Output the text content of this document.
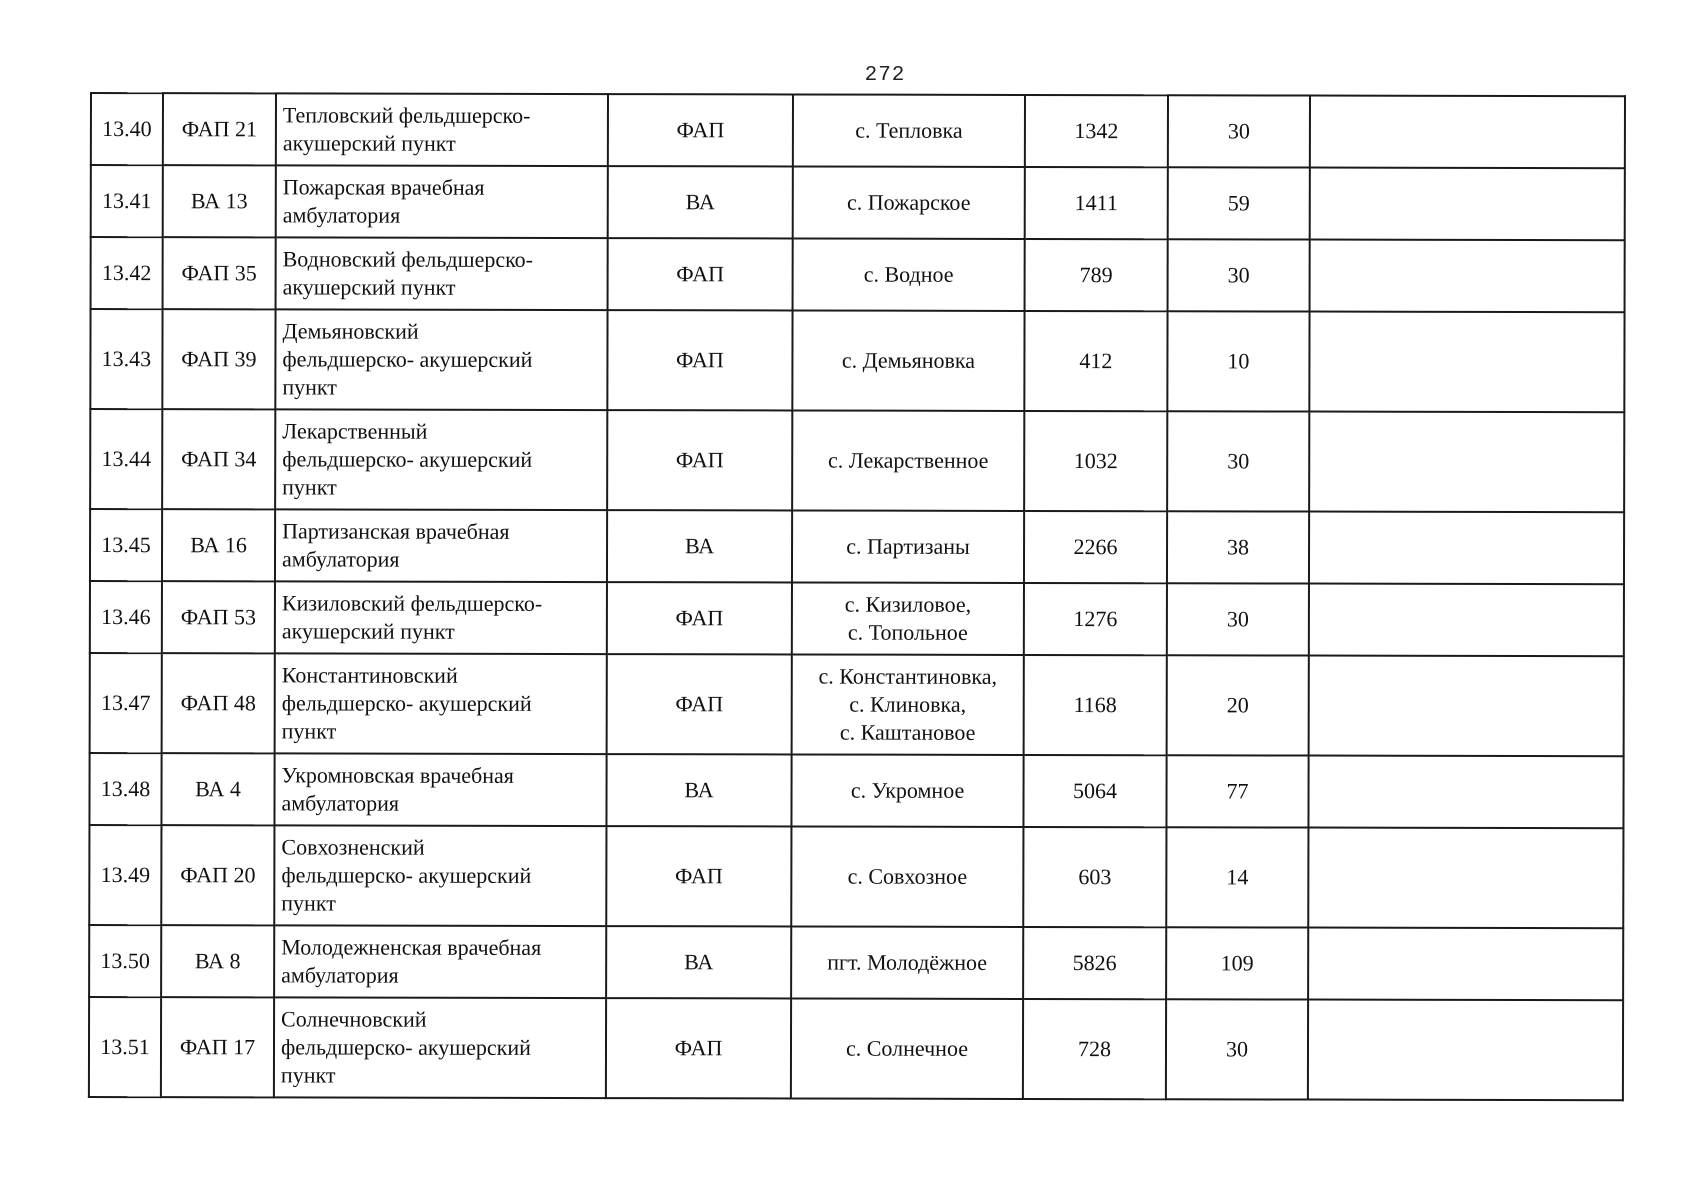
272
13.40	ФАП 21	Тепловский фельдшерско-
акушерский пункт	ФАП	с. Тепловка	1342	30	
13.41	ВА 13	Пожарская врачебная
амбулатория	ВА	с. Пожарское	1411	59	
13.42	ФАП 35	Водновский фельдшерско-
акушерский пункт	ФАП	с. Водное	789	30	
13.43	ФАП 39	Демьяновский
фельдшерско- акушерский
пункт	ФАП	с. Демьяновка	412	10	
13.44	ФАП 34	Лекарственный
фельдшерско- акушерский
пункт	ФАП	с. Лекарственное	1032	30	
13.45	ВА 16	Партизанская врачебная
амбулатория	ВА	с. Партизаны	2266	38	
13.46	ФАП 53	Кизиловский фельдшерско-
акушерский пункт	ФАП	с. Кизиловое,
с. Топольное	1276	30	
13.47	ФАП 48	Константиновский
фельдшерско- акушерский
пункт	ФАП	с. Константиновка,
с. Клиновка,
с. Каштановое	1168	20	
13.48	ВА 4	Укромновская врачебная
амбулатория	ВА	с. Укромное	5064	77	
13.49	ФАП 20	Совхозненский
фельдшерско- акушерский
пункт	ФАП	с. Совхозное	603	14	
13.50	ВА 8	Молодежненская врачебная
амбулатория	ВА	пгт. Молодёжное	5826	109	
13.51	ФАП 17	Солнечновский
фельдшерско- акушерский
пункт	ФАП	с. Солнечное	728	30	
